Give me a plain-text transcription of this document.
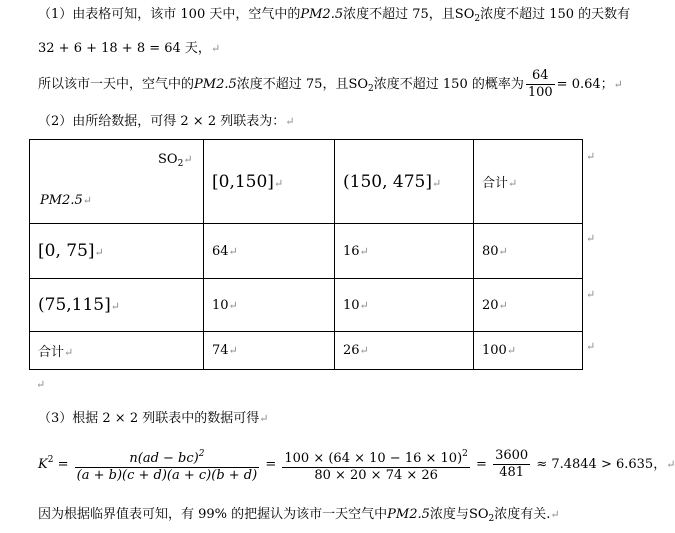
（1）由表格可知，该市 100 天中，空气中的PM2.5浓度不超过 75，且$SO_2$浓度不超过 150 的天数有
32 + 6 + 18 + 8 = 64 天，↵
所以该市一天中，空气中的PM2.5浓度不超过 75，且$SO_2$浓度不超过 150 的概率为 $\frac{64}{100} = 0.64$；↵
（2）由所给数据，可得 2 × 2 列联表为：↵
$SO_2↵$
PM2.5↵	[0,150]↵	(150, 475]↵	合计↵
[0, 75]↵	64↵	16↵	80↵
(75,115]↵	10↵	10↵	20↵
合计↵	74↵	26↵	100↵
↵
↵
↵
↵
↵
（3）根据 2 × 2 列联表中的数据可得↵
$K^2 = \frac{n(ad - bc)^2}{(a + b)(c + d)(a + c)(b + d)} = \frac{100 \times (64 \times 10 - 16 \times 10)^2}{80 \times 20 \times 74 \times 26} = \frac{3600}{481} \approx 7.4844 > 6.635$，↵
因为根据临界值表可知，有 99% 的把握认为该市一天空气中PM2.5浓度与$SO_2$浓度有关.↵
